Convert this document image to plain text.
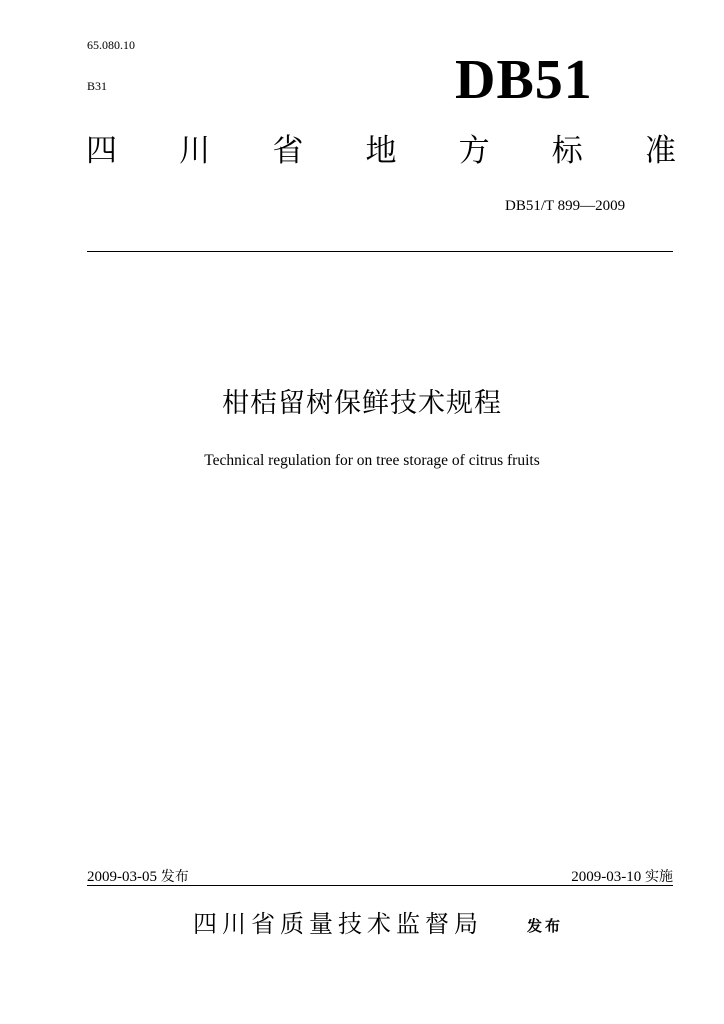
65.080.10
B31	DB51
四 川 省 地 方 标 准
DB51/T 899—2009
柑桔留树保鲜技术规程
Technical regulation for on tree storage of citrus fruits
2009-03-05 发布	2009-03-10 实施
四川省质量技术监督局	发布
